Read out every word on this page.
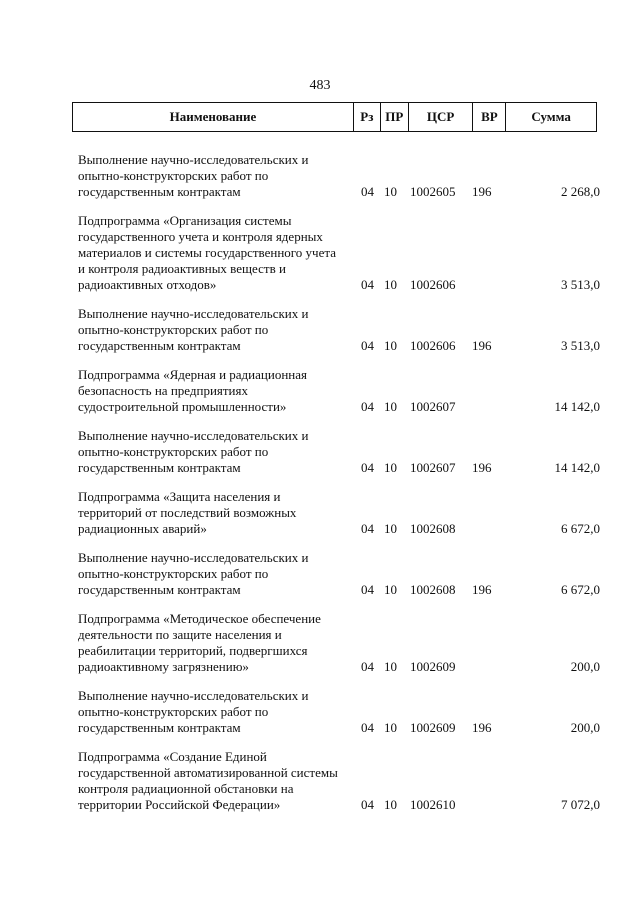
483
Наименование	Рз ПР	ЦСР	ВР	Сумма
Выполнение научно-исследовательских и
опытно-конструкторских работ по
государственным контрактам	04 10 1002605 196	2 268,0
Подпрограмма «Организация системы
государственного учета и контроля ядерных
материалов и системы государственного учета
и контроля радиоактивных веществ и
радиоактивных отходов»	04 10 1002606	3 513,0
Выполнение научно-исследовательских и
опытно-конструкторских работ по
государственным контрактам	04 10 1002606 196	3 513,0
Подпрограмма «Ядерная и радиационная
безопасность на предприятиях
судостроительной промышленности»	04 10 1002607	14 142,0
Выполнение научно-исследовательских и
опытно-конструкторских работ по
государственным контрактам	04 10 1002607 196	14 142,0
Подпрограмма «Защита населения и
территорий от последствий возможных
радиационных аварий»	04 10 1002608	6 672,0
Выполнение научно-исследовательских и
опытно-конструкторских работ по
государственным контрактам	04 10 1002608 196	6 672,0
Подпрограмма «Методическое обеспечение
деятельности по защите населения и
реабилитации территорий, подвергшихся
радиоактивному загрязнению»	04 10 1002609	200,0
Выполнение научно-исследовательских и
опытно-конструкторских работ по
государственным контрактам	04 10 1002609 196	200,0
Подпрограмма «Создание Единой
государственной автоматизированной системы
контроля радиационной обстановки на
территории Российской Федерации»	04 10 1002610	7 072,0
